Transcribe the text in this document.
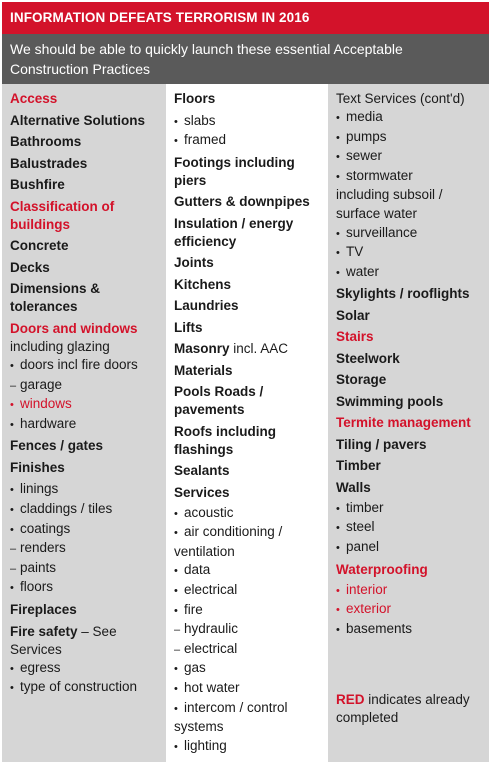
INFORMATION DEFEATS TERRORISM IN 2016
We should be able to quickly launch these essential Acceptable Construction Practices
Access
Alternative Solutions
Bathrooms
Balustrades
Bushfire
Classification of buildings
Concrete
Decks
Dimensions & tolerances
Doors and windows
including glazing
• doors incl fire doors
– garage
• windows
• hardware
Fences / gates
Finishes
• linings
• claddings / tiles
• coatings
– renders
– paints
• floors
Fireplaces
Fire safety – See Services
• egress
• type of construction
Floors
• slabs
• framed
Footings including piers
Gutters & downpipes
Insulation / energy efficiency
Joints
Kitchens
Laundries
Lifts
Masonry incl. AAC
Materials
Pools Roads / pavements
Roofs including flashings
Sealants
Services
• acoustic
• air conditioning /
ventilation
• data
• electrical
• fire
– hydraulic
– electrical
• gas
• hot water
• intercom / control
systems
• lighting
Text Services (cont'd)
• media
• pumps
• sewer
• stormwater
including subsoil / surface water
• surveillance
• TV
• water
Skylights / rooflights
Solar
Stairs
Steelwork
Storage
Swimming pools
Termite management
Tiling / pavers
Timber
Walls
• timber
• steel
• panel
Waterproofing
• interior
• exterior
• basements
RED indicates already completed
